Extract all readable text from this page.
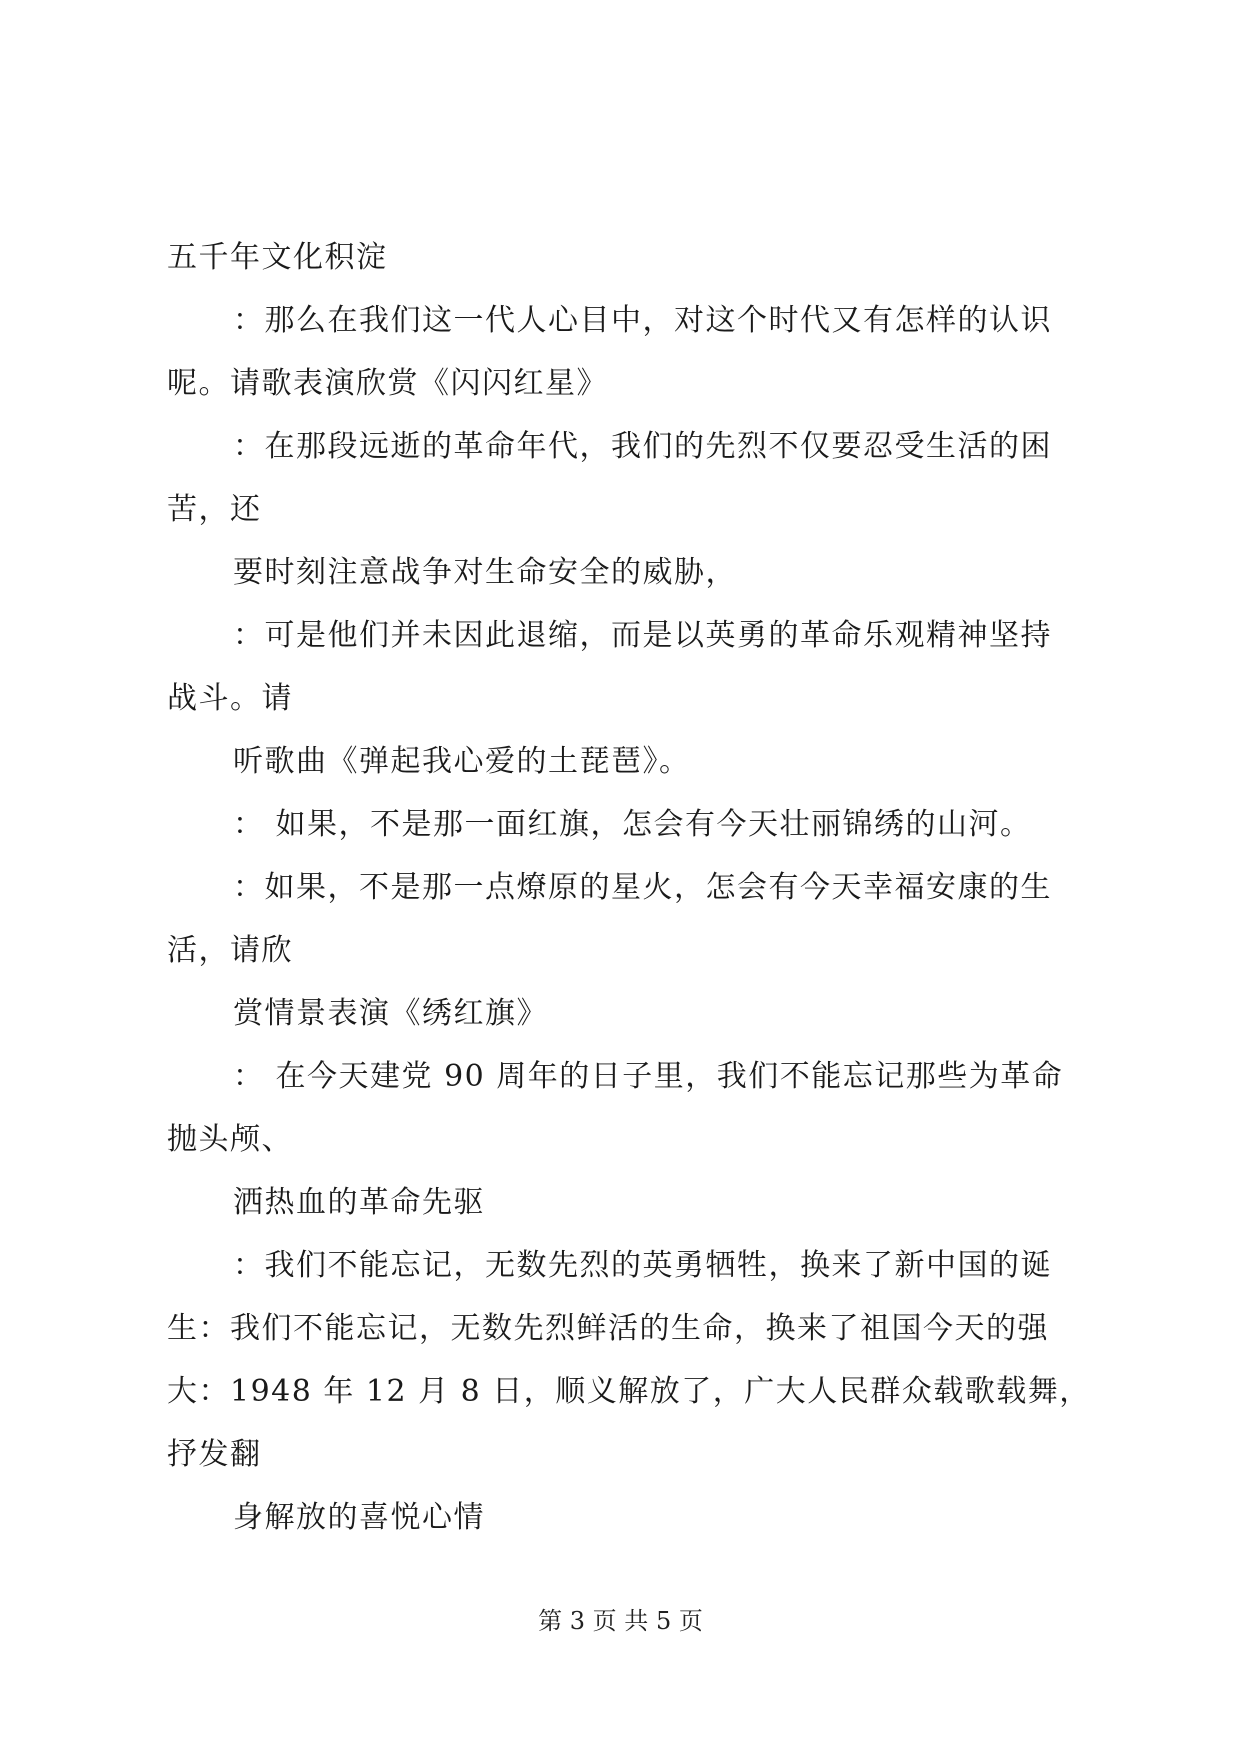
五千年文化积淀

：那么在我们这一代人心目中，对这个时代又有怎样的认识

呢。请歌表演欣赏《闪闪红星》

：在那段远逝的革命年代，我们的先烈不仅要忍受生活的困

苦，还

要时刻注意战争对生命安全的威胁，

：可是他们并未因此退缩，而是以英勇的革命乐观精神坚持

战斗。请

听歌曲《弹起我心爱的土琵琶》。

： 如果，不是那一面红旗，怎会有今天壮丽锦绣的山河。

：如果，不是那一点燎原的星火，怎会有今天幸福安康的生

活，请欣

赏情景表演《绣红旗》

： 在今天建党 90 周年的日子里，我们不能忘记那些为革命

抛头颅、

洒热血的革命先驱

：我们不能忘记，无数先烈的英勇牺牲，换来了新中国的诞

生：我们不能忘记，无数先烈鲜活的生命，换来了祖国今天的强

大：1948 年 12 月 8 日，顺义解放了，广大人民群众载歌载舞，

抒发翻

身解放的喜悦心情

第 3 页 共 5 页
